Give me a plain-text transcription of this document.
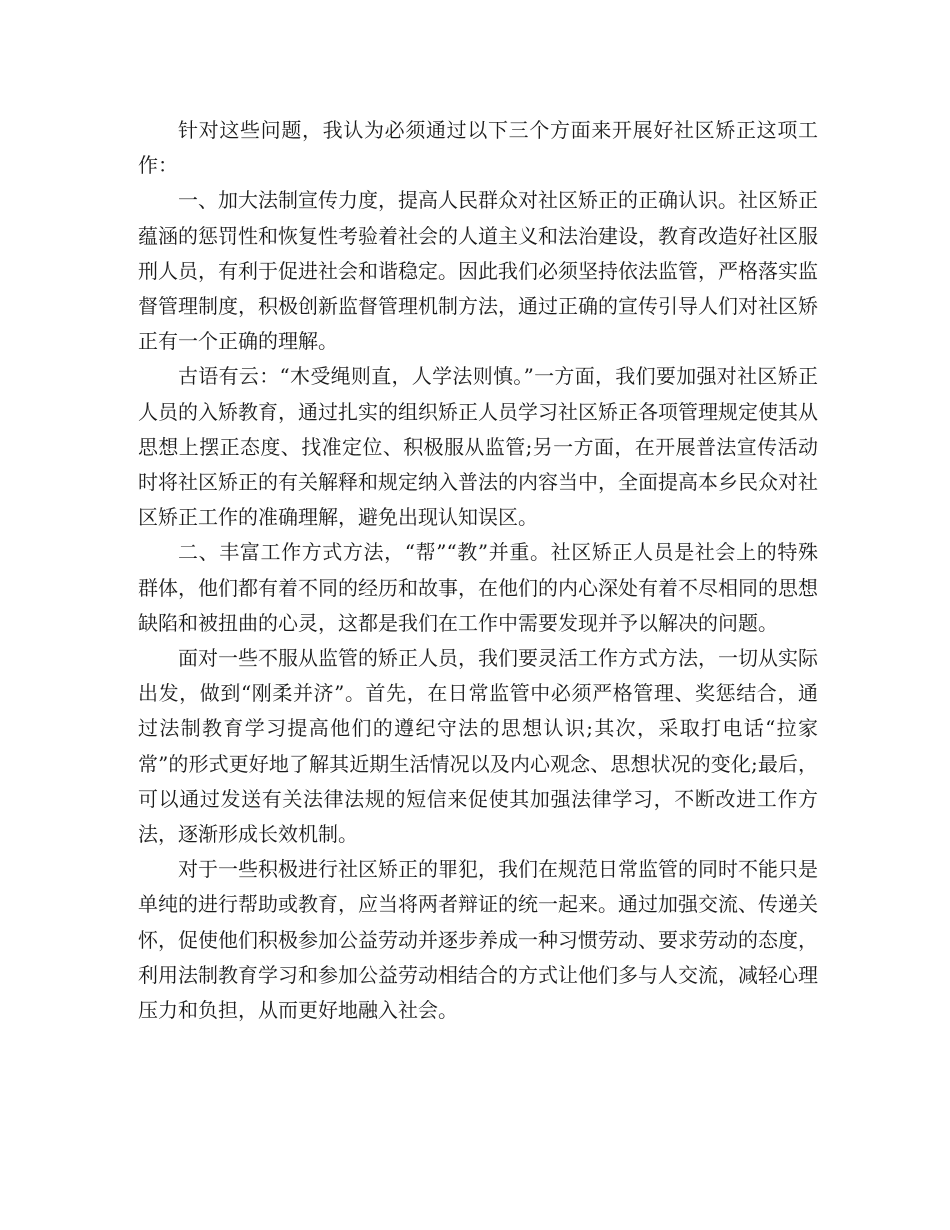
针对这些问题，我认为必须通过以下三个方面来开展好社区矫正这项工作：

一、加大法制宣传力度，提高人民群众对社区矫正的正确认识。社区矫正蕴涵的惩罚性和恢复性考验着社会的人道主义和法治建设，教育改造好社区服刑人员，有利于促进社会和谐稳定。因此我们必须坚持依法监管，严格落实监督管理制度，积极创新监督管理机制方法，通过正确的宣传引导人们对社区矫正有一个正确的理解。

古语有云：“木受绳则直，人学法则慎。”一方面，我们要加强对社区矫正人员的入矫教育，通过扎实的组织矫正人员学习社区矫正各项管理规定使其从思想上摆正态度、找准定位、积极服从监管;另一方面，在开展普法宣传活动时将社区矫正的有关解释和规定纳入普法的内容当中，全面提高本乡民众对社区矫正工作的准确理解，避免出现认知误区。

二、丰富工作方式方法，“帮”“教”并重。社区矫正人员是社会上的特殊群体，他们都有着不同的经历和故事，在他们的内心深处有着不尽相同的思想缺陷和被扭曲的心灵，这都是我们在工作中需要发现并予以解决的问题。

面对一些不服从监管的矫正人员，我们要灵活工作方式方法，一切从实际出发，做到“刚柔并济”。首先，在日常监管中必须严格管理、奖惩结合，通过法制教育学习提高他们的遵纪守法的思想认识;其次，采取打电话“拉家常”的形式更好地了解其近期生活情况以及内心观念、思想状况的变化;最后，可以通过发送有关法律法规的短信来促使其加强法律学习，不断改进工作方法，逐渐形成长效机制。

对于一些积极进行社区矫正的罪犯，我们在规范日常监管的同时不能只是单纯的进行帮助或教育，应当将两者辩证的统一起来。通过加强交流、传递关怀，促使他们积极参加公益劳动并逐步养成一种习惯劳动、要求劳动的态度，利用法制教育学习和参加公益劳动相结合的方式让他们多与人交流，减轻心理压力和负担，从而更好地融入社会。
